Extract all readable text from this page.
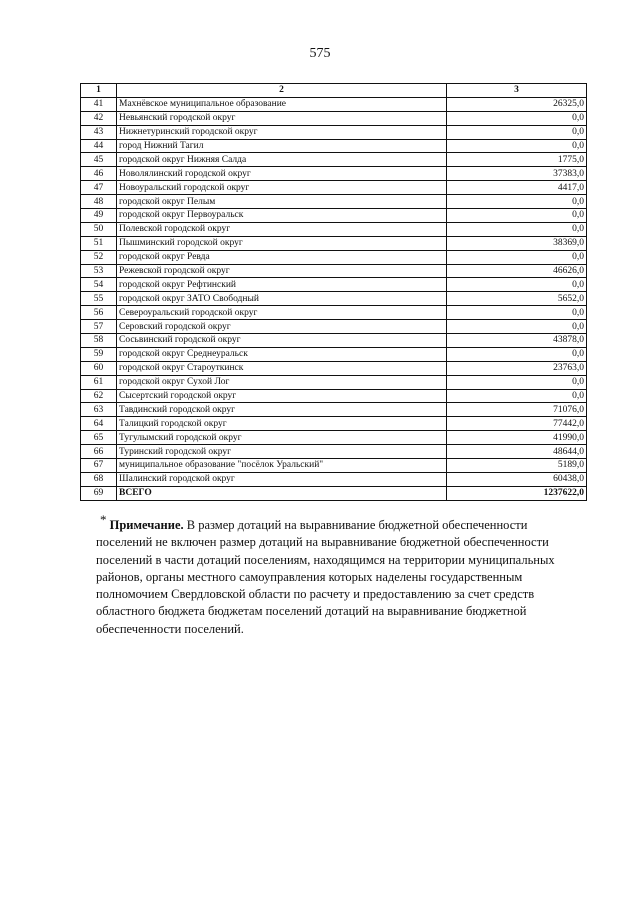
575
1	2	3
41	Махнёвское муниципальное образование	26325,0
42	Невьянский городской округ	0,0
43	Нижнетуринский городской округ	0,0
44	город Нижний Тагил	0,0
45	городской округ Нижняя Салда	1775,0
46	Новолялинский городской округ	37383,0
47	Новоуральский городской округ	4417,0
48	городской округ Пелым	0,0
49	городской округ Первоуральск	0,0
50	Полевской городской округ	0,0
51	Пышминский городской округ	38369,0
52	городской округ Ревда	0,0
53	Режевской городской округ	46626,0
54	городской округ Рефтинский	0,0
55	городской округ ЗАТО Свободный	5652,0
56	Североуральский городской округ	0,0
57	Серовский городской округ	0,0
58	Сосьвинский городской округ	43878,0
59	городской округ Среднеуральск	0,0
60	городской округ Староуткинск	23763,0
61	городской округ Сухой Лог	0,0
62	Сысертский городской округ	0,0
63	Тавдинский городской округ	71076,0
64	Талицкий городской округ	77442,0
65	Тугулымский городской округ	41990,0
66	Туринский городской округ	48644,0
67	муниципальное образование "посёлок Уральский"	5189,0
68	Шалинский городской округ	60438,0
69	ВСЕГО	1237622,0
* Примечание. В размер дотаций на выравнивание бюджетной обеспеченности поселений не включен размер дотаций на выравнивание бюджетной обеспеченности поселений в части дотаций поселениям, находящимся на территории муниципальных районов, органы местного самоуправления которых наделены государственным полномочием Свердловской области по расчету и предоставлению за счет средств областного бюджета бюджетам поселений дотаций на выравнивание бюджетной обеспеченности поселений.
